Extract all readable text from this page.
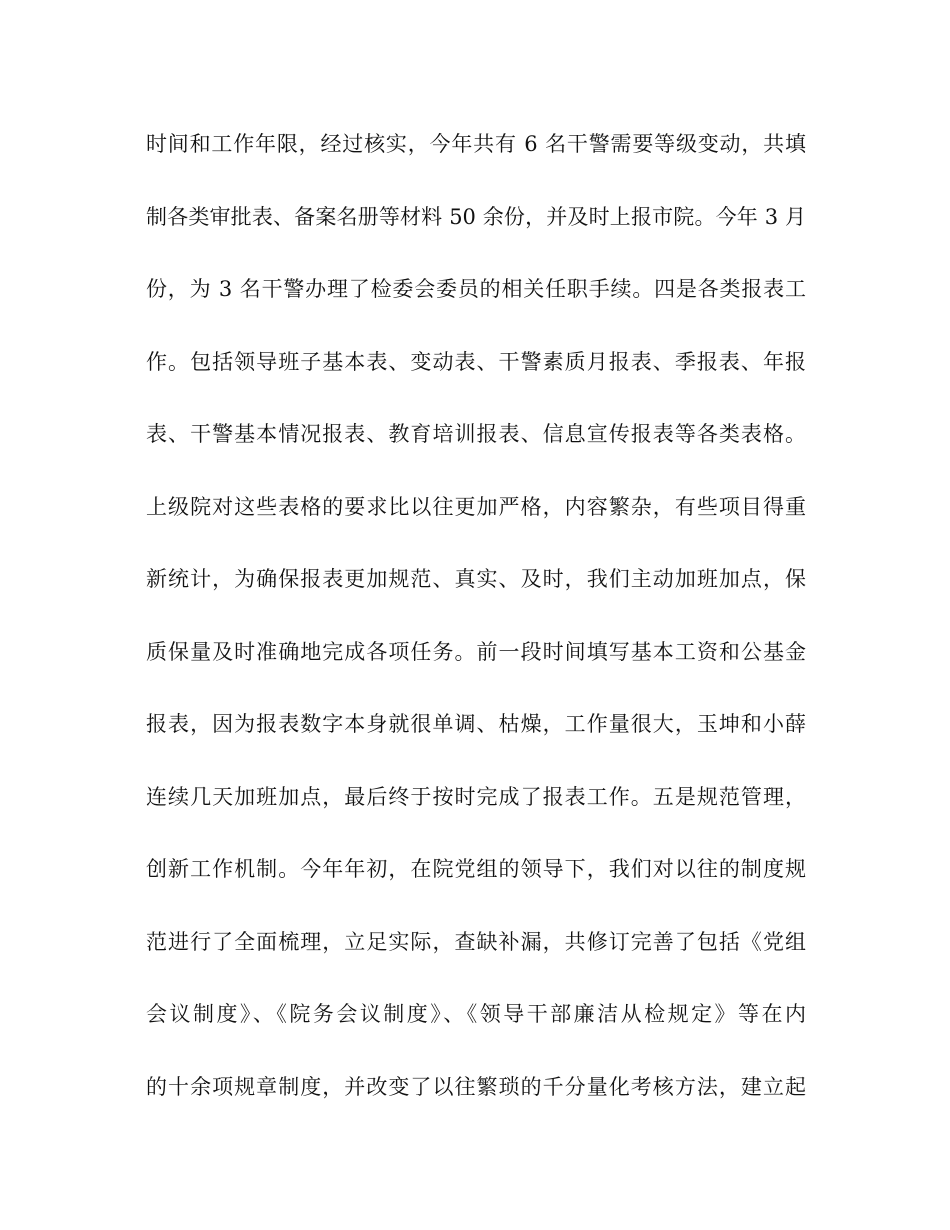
时间和工作年限，经过核实，今年共有 6 名干警需要等级变动，共填
制各类审批表、备案名册等材料 50 余份，并及时上报市院。今年 3 月
份，为 3 名干警办理了检委会委员的相关任职手续。四是各类报表工
作。包括领导班子基本表、变动表、干警素质月报表、季报表、年报
表、干警基本情况报表、教育培训报表、信息宣传报表等各类表格。
上级院对这些表格的要求比以往更加严格，内容繁杂，有些项目得重
新统计，为确保报表更加规范、真实、及时，我们主动加班加点，保
质保量及时准确地完成各项任务。前一段时间填写基本工资和公基金
报表，因为报表数字本身就很单调、枯燥，工作量很大，玉坤和小薛
连续几天加班加点，最后终于按时完成了报表工作。五是规范管理，
创新工作机制。今年年初，在院党组的领导下，我们对以往的制度规
范进行了全面梳理，立足实际，查缺补漏，共修订完善了包括《党组
会议制度》、《院务会议制度》、《领导干部廉洁从检规定》等在内
的十余项规章制度，并改变了以往繁琐的千分量化考核方法，建立起
